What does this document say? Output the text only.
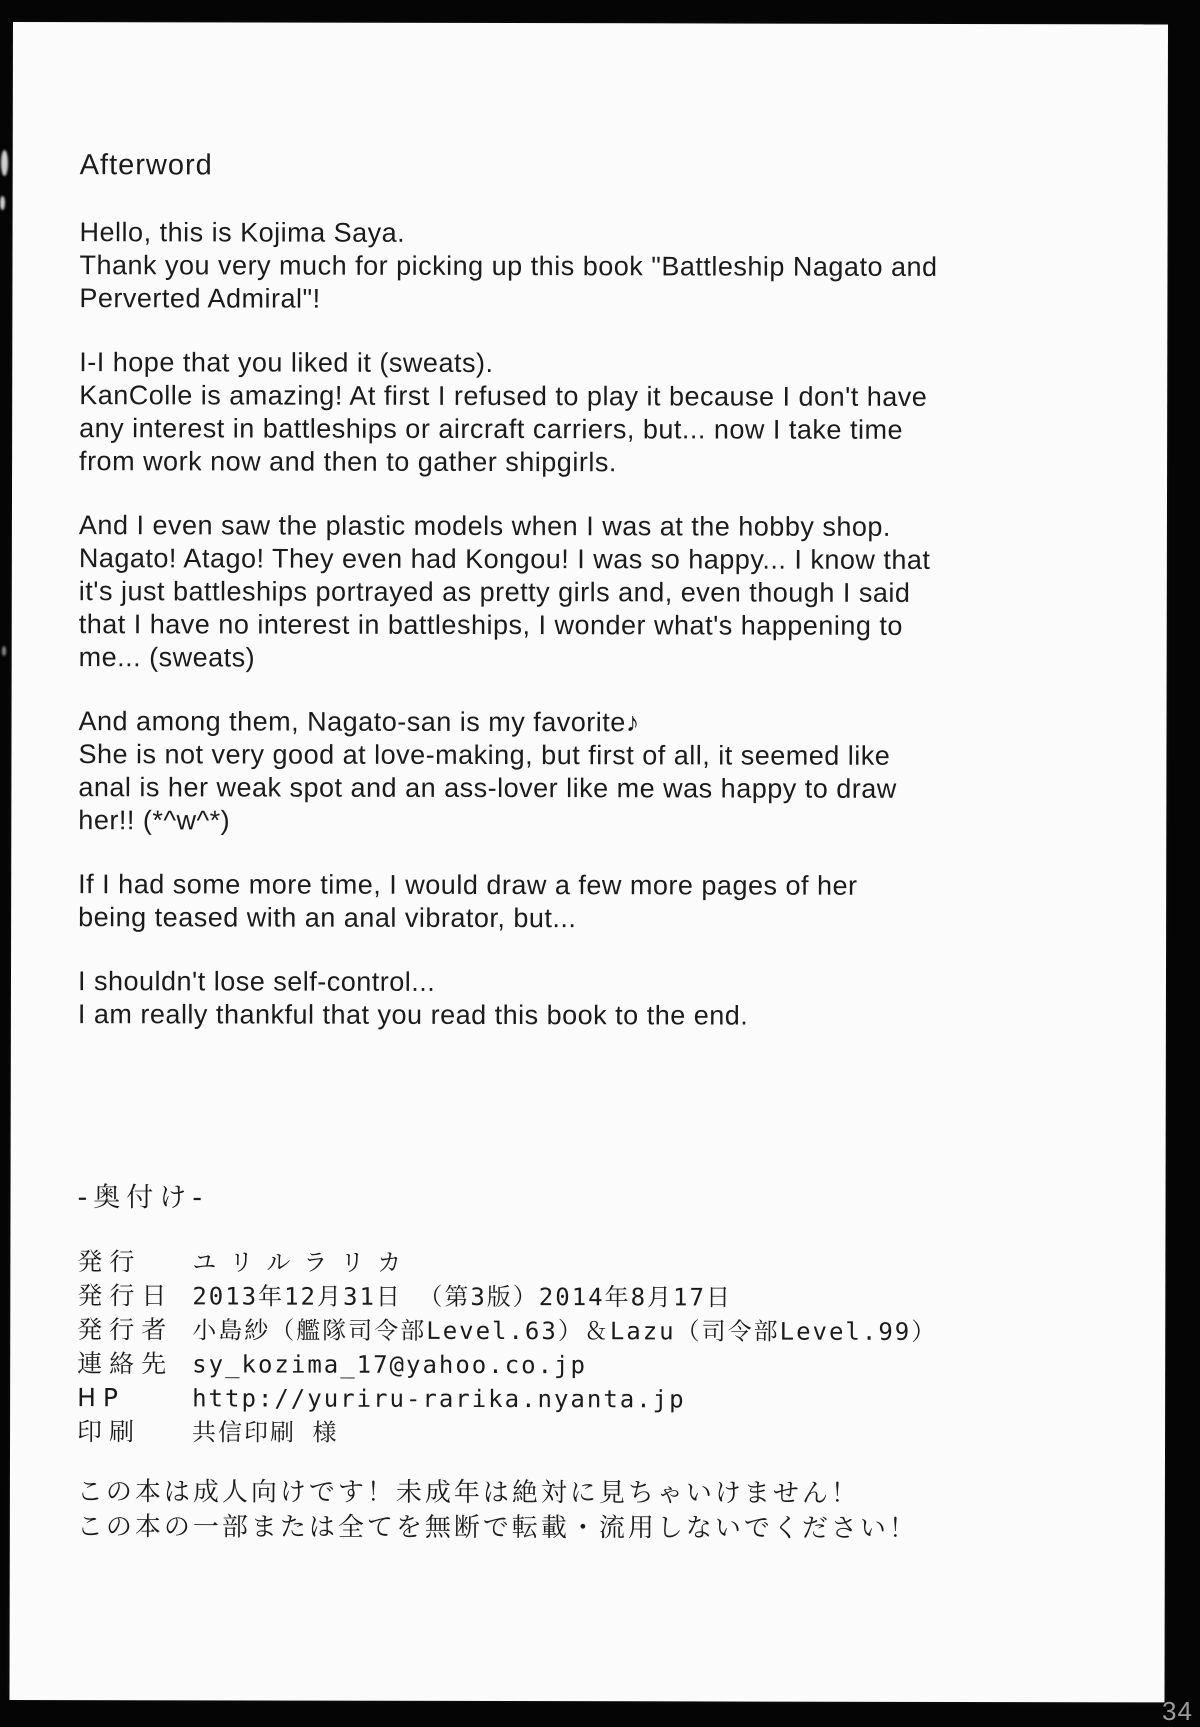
Afterword
Hello, this is Kojima Saya.
Thank you very much for picking up this book "Battleship Nagato and
Perverted Admiral"!
I-I hope that you liked it (sweats).
KanColle is amazing! At first I refused to play it because I don't have
any interest in battleships or aircraft carriers, but... now I take time
from work now and then to gather shipgirls.
And I even saw the plastic models when I was at the hobby shop.
Nagato! Atago! They even had Kongou! I was so happy... I know that
it's just battleships portrayed as pretty girls and, even though I said
that I have no interest in battleships, I wonder what's happening to
me... (sweats)
And among them, Nagato-san is my favorite♪
She is not very good at love-making, but first of all, it seemed like
anal is her weak spot and an ass-lover like me was happy to draw
her!! (*^w^*)
If I had some more time, I would draw a few more pages of her
being teased with an anal vibrator, but...
I shouldn't lose self-control...
I am really thankful that you read this book to the end.
-奥付け-
発行	ユリルラリカ
発行日 2013年12月31日 （第3版）2014年8月17日
発行者 小島紗（艦隊司令部Level.63）＆Lazu（司令部Level.99）
連絡先 sy_kozima_17@yahoo.co.jp
HP	http://yuriru-rarika.nyanta.jp
印刷	共信印刷 様
この本は成人向けです！未成年は絶対に見ちゃいけません！
この本の一部または全てを無断で転載・流用しないでください！
34
